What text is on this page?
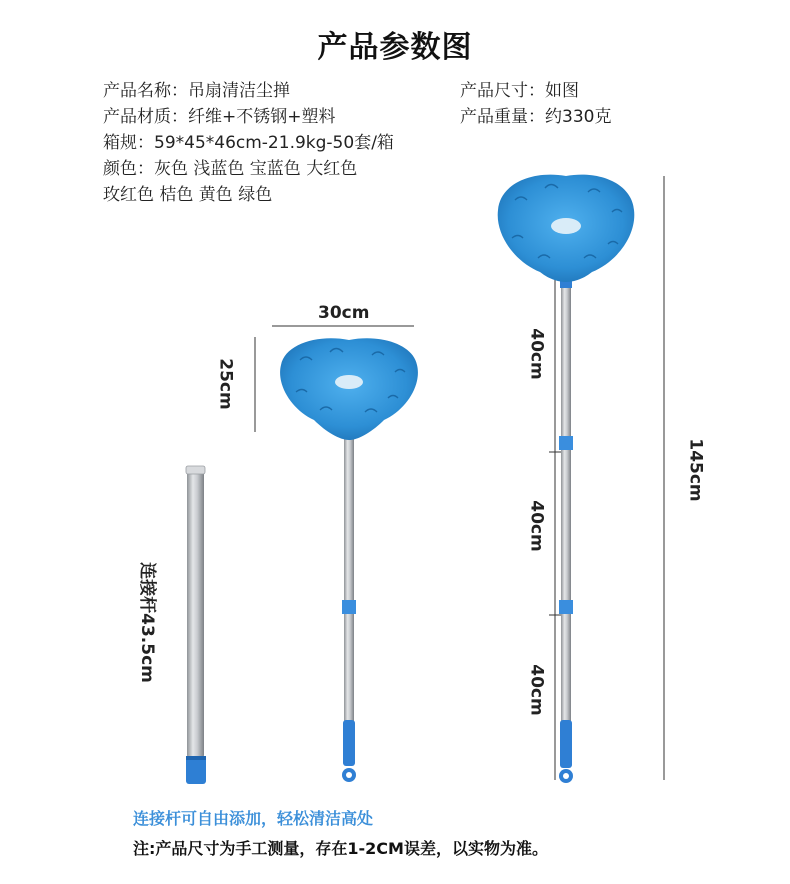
产品参数图
产品名称：吊扇清洁尘掸
产品材质：纤维+不锈钢+塑料
箱规：59*45*46cm-21.9kg-50套/箱
颜色：灰色 浅蓝色 宝蓝色 大红色
玫红色 桔色 黄色 绿色
产品尺寸：如图
产品重量：约330克
30cm
25cm
连接杆43.5cm
40cm
40cm
40cm
145cm
连接杆可自由添加，轻松清洁高处
注:产品尺寸为手工测量，存在1-2CM误差，以实物为准。
